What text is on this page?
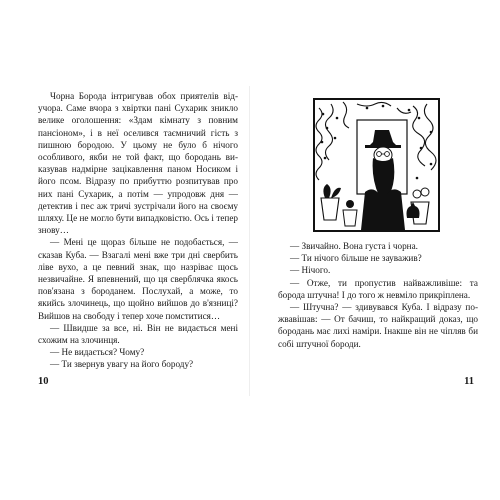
Чорна Борода інтригував обох приятелів відучора. Саме вчора з хвіртки пані Сухарик зникло велике оголошення: «Здам кімнату з повним пансіоном», і в неї оселився таємничий гість з пишною бородою. У цьому не було б нічого особливого, якби не той факт, що бородань виказував надмірне зацікавлення паном Носиком і його псом. Відразу по прибуттю розпитував про них пані Сухарик, а потім — упродовж дня — детектив і пес аж тричі зустрічали його на своєму шляху. Це не могло бути випадковістю. Ось і тепер знову…

— Мені це щораз більше не подобається, — сказав Куба. — Взагалі мені вже три дні свербить ліве вухо, а це певний знак, що назріває щось незвичайне. Я впевнений, що ця сверблячка якось пов'язана з бороданем. Послухай, а може, то якийсь злочинець, що щойно вийшов до в'язниці? Вийшов на свободу і тепер хоче помститися…

— Швидше за все, ні. Він не видається мені схожим на злочинця.

— Не видається? Чому?

— Ти звернув увагу на його бороду?

10

— Звичайно. Вона густа і чорна.

— Ти нічого більше не зауважив?

— Нічого.

— Отже, ти пропустив найважливіше: та борода штучна! І до того ж невміло прикріплена.

— Штучна? — здивувався Куба. І відразу пожвавішав: — От бачиш, то найкращий доказ, що бородань має лихі наміри. Інакше він не чіпляв би собі штучної бороди.

11
